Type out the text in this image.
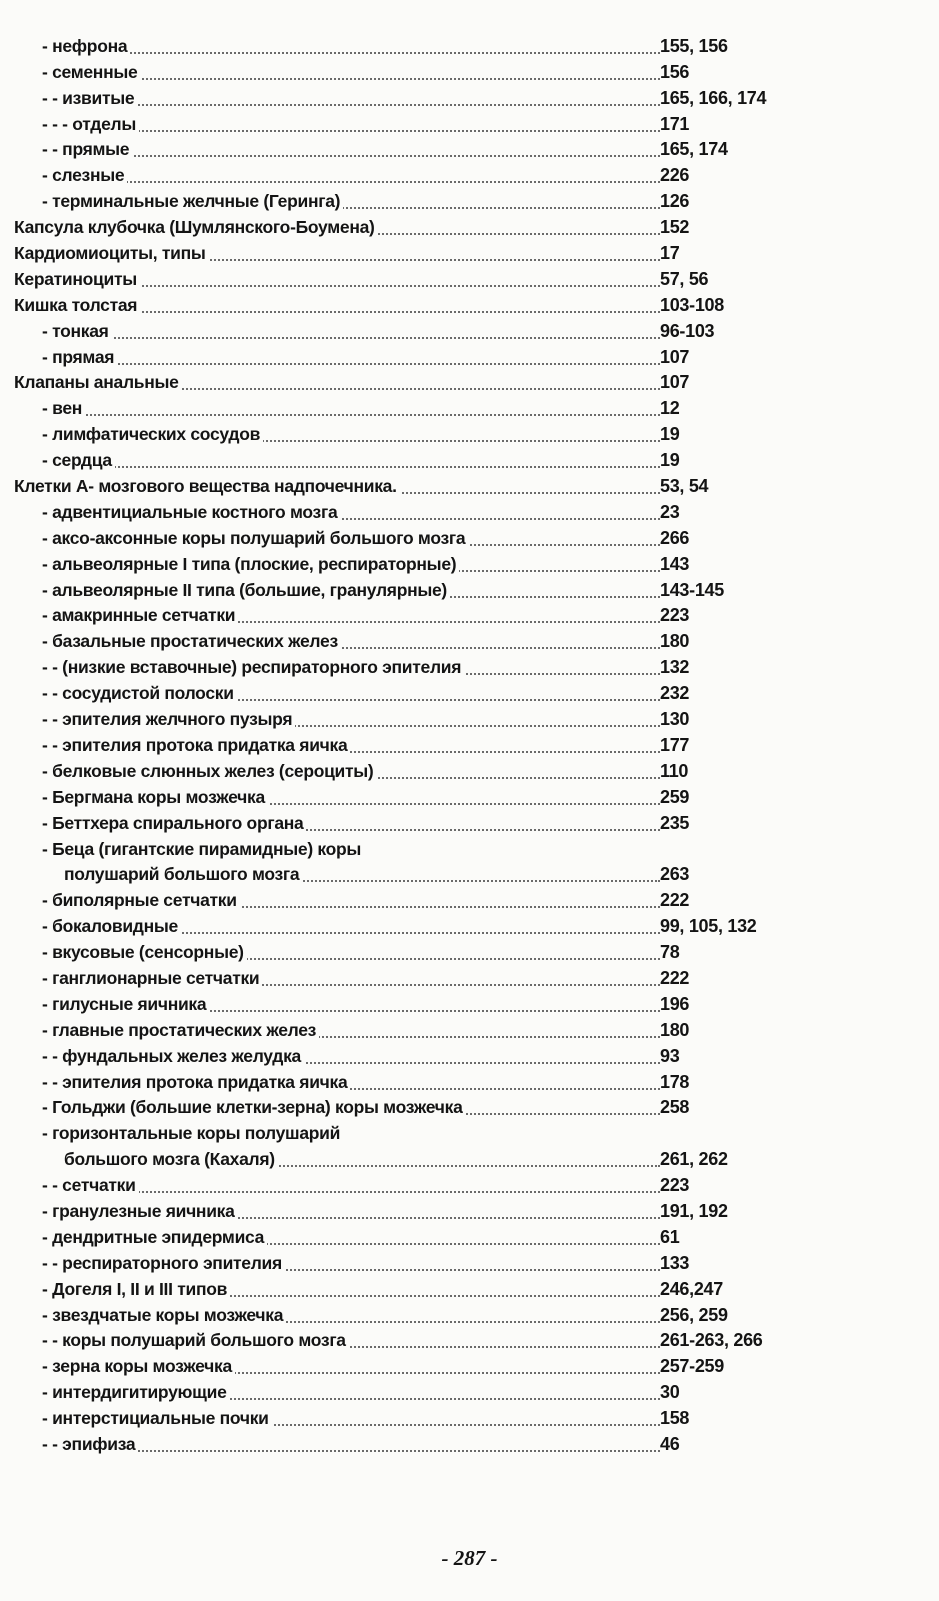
- нефрона	155, 156
- семенные	156
- - извитые	165, 166, 174
- - - отделы	171
- - прямые	165, 174
- слезные	226
- терминальные желчные (Геринга)	126
Капсула клубочка (Шумлянского-Боумена)	152
Кардиомиоциты, типы	17
Кератиноциты	57, 56
Кишка толстая	103-108
- тонкая	96-103
- прямая	107
Клапаны анальные	107
- вен	12
- лимфатических сосудов	19
- сердца	19
Клетки А- мозгового вещества надпочечника.	53, 54
- адвентициальные костного мозга	23
- аксо-аксонные коры полушарий большого мозга	266
- альвеолярные I типа (плоские, респираторные)	143
- альвеолярные II типа (большие, гранулярные)	143-145
- амакринные сетчатки	223
- базальные простатических желез	180
- - (низкие вставочные) респираторного эпителия	132
- - сосудистой полоски	232
- - эпителия желчного пузыря	130
- - эпителия протока придатка яичка	177
- белковые слюнных желез (сероциты)	110
- Бергмана коры мозжечка	259
- Беттхера спирального органа	235
- Беца (гигантские пирамидные) коры
полушарий большого мозга	263
- биполярные сетчатки	222
- бокаловидные	99, 105, 132
- вкусовые (сенсорные)	78
- ганглионарные сетчатки	222
- гилусные яичника	196
- главные простатических желез	180
- - фундальных желез желудка	93
- - эпителия протока придатка яичка	178
- Гольджи (большие клетки-зерна) коры мозжечка	258
- горизонтальные коры полушарий
большого мозга (Кахаля)	261, 262
- - сетчатки	223
- гранулезные яичника	191, 192
- дендритные эпидермиса	61
- - респираторного эпителия	133
- Догеля I, II и III типов	246,247
- звездчатые коры мозжечка	256, 259
- - коры полушарий большого мозга	261-263, 266
- зерна коры мозжечка	257-259
- интердигитирующие	30
- интерстициальные почки	158
- - эпифиза	46
- 287 -
